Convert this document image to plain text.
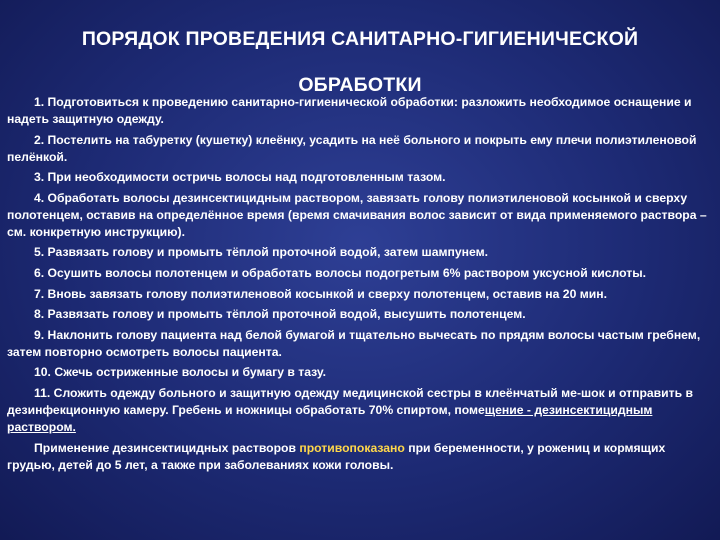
ПОРЯДОК ПРОВЕДЕНИЯ САНИТАРНО-ГИГИЕНИЧЕСКОЙ
ОБРАБОТКИ

1. Подготовиться к проведению санитарно-гигиенической обработки: разложить необходимое оснащение и надеть защитную одежду.

2. Постелить на табуретку (кушетку) клеёнку, усадить на неё больного и покрыть ему плечи полиэтиленовой пелёнкой.

3. При необходимости остричь волосы над подготовленным тазом.

4. Обработать волосы дезинсектицидным раствором, завязать голову полиэтиленовой косынкой и сверху полотенцем, оставив на определённое время (время смачивания волос зависит от вида применяемого раствора – см. конкретную инструкцию).

5. Развязать голову и промыть тёплой проточной водой, затем шампунем.

6. Осушить волосы полотенцем и обработать волосы подогретым 6% раствором уксусной кислоты.

7. Вновь завязать голову полиэтиленовой косынкой и сверху полотенцем, оставив на 20 мин.

8. Развязать голову и промыть тёплой проточной водой, высушить полотенцем.

9. Наклонить голову пациента над белой бумагой и тщательно вычесать по прядям волосы частым гребнем, затем повторно осмотреть волосы пациента.

10. Сжечь остриженные волосы и бумагу в тазу.

11. Сложить одежду больного и защитную одежду медицинской сестры в клеёнчатый ме-шок и отправить в дезинфекционную камеру. Гребень и ножницы обработать 70% спиртом, помещение - дезинсектицидным раствором.

Применение дезинсектицидных растворов противопоказано при беременности, у рожениц и кормящих грудью, детей до 5 лет, а также при заболеваниях кожи головы.
